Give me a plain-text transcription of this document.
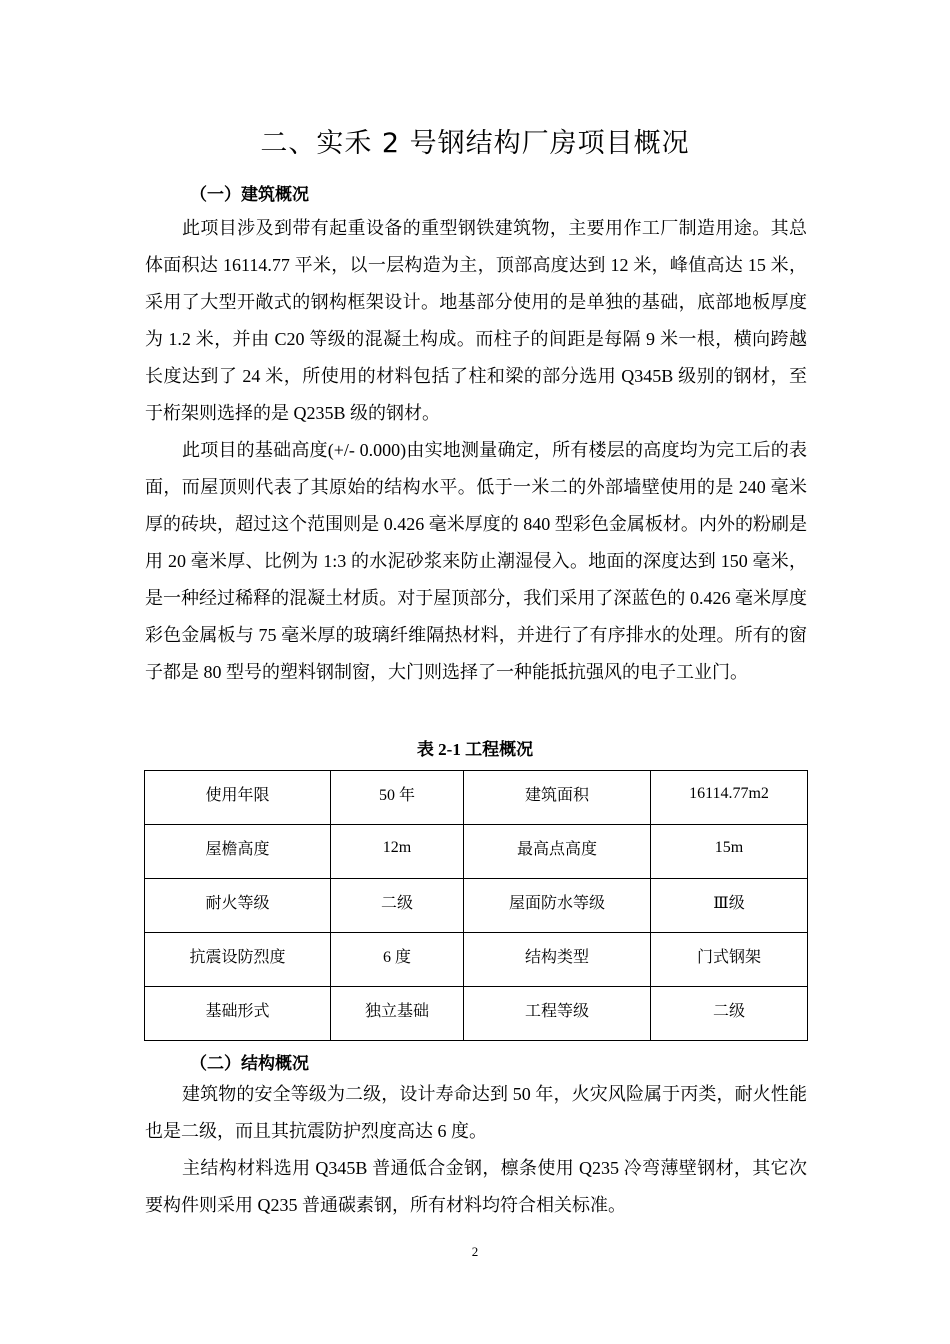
二、实禾 2 号钢结构厂房项目概况
（一）建筑概况

此项目涉及到带有起重设备的重型钢铁建筑物，主要用作工厂制造用途。其总体面积达 16114.77 平米，以一层构造为主，顶部高度达到 12 米，峰值高达 15 米，采用了大型开敞式的钢构框架设计。地基部分使用的是单独的基础，底部地板厚度为 1.2 米，并由 C20 等级的混凝土构成。而柱子的间距是每隔 9 米一根，横向跨越长度达到了 24 米，所使用的材料包括了柱和梁的部分选用 Q345B 级别的钢材，至于桁架则选择的是 Q235B 级的钢材。

此项目的基础高度(+/- 0.000)由实地测量确定，所有楼层的高度均为完工后的表面，而屋顶则代表了其原始的结构水平。低于一米二的外部墙壁使用的是 240 毫米厚的砖块，超过这个范围则是 0.426 毫米厚度的 840 型彩色金属板材。内外的粉刷是用 20 毫米厚、比例为 1:3 的水泥砂浆来防止潮湿侵入。地面的深度达到 150 毫米，是一种经过稀释的混凝土材质。对于屋顶部分，我们采用了深蓝色的 0.426 毫米厚度彩色金属板与 75 毫米厚的玻璃纤维隔热材料，并进行了有序排水的处理。所有的窗子都是 80 型号的塑料钢制窗，大门则选择了一种能抵抗强风的电子工业门。

表 2-1 工程概况
使用年限	50 年	建筑面积	16114.77m2
屋檐高度	12m	最高点高度	15m
耐火等级	二级	屋面防水等级	Ⅲ级
抗震设防烈度	6 度	结构类型	门式钢架
基础形式	独立基础	工程等级	二级
（二）结构概况

建筑物的安全等级为二级，设计寿命达到 50 年，火灾风险属于丙类，耐火性能也是二级，而且其抗震防护烈度高达 6 度。

主结构材料选用 Q345B 普通低合金钢，檩条使用 Q235 冷弯薄壁钢材，其它次要构件则采用 Q235 普通碳素钢，所有材料均符合相关标准。

2
